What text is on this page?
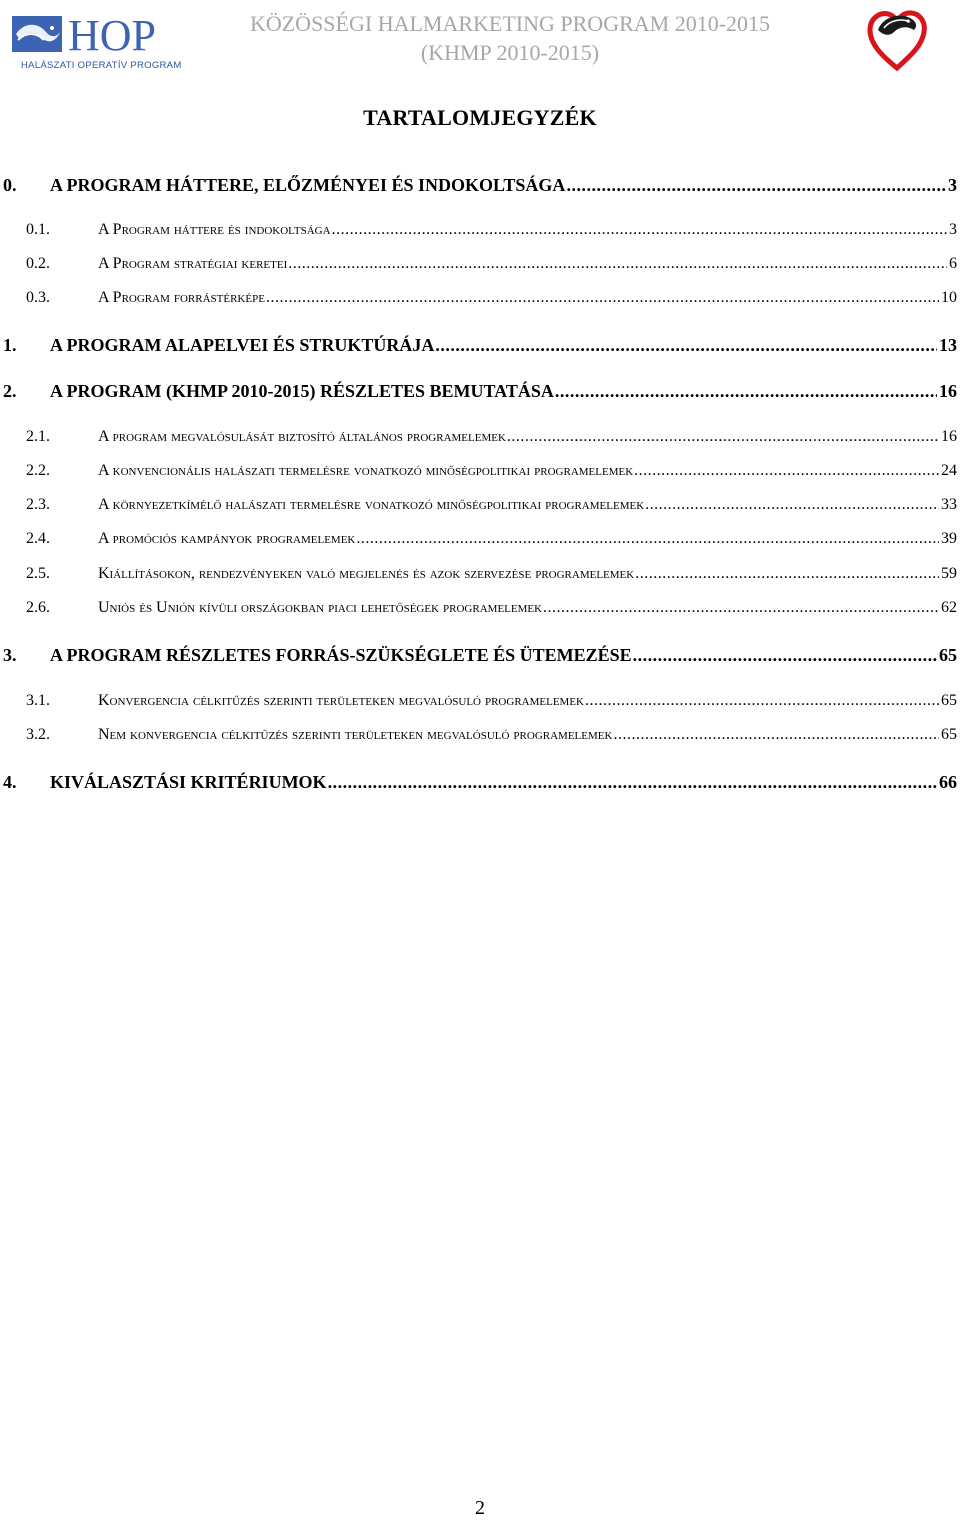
HOP
HALÁSZATI OPERATÍV PROGRAM
KÖZÖSSÉGI HALMARKETING PROGRAM 2010-2015
(KHMP 2010-2015)
TARTALOMJEGYZÉK
0.	A PROGRAM HÁTTERE, ELŐZMÉNYEI ÉS INDOKOLTSÁGA .....	3
0.1.	A Program háttere és indokoltsága .....	3
0.2.	A Program stratégiai keretei .....	6
0.3.	A Program forrástérképe .....	10
1.	A PROGRAM ALAPELVEI ÉS STRUKTÚRÁJA .....	13
2.	A PROGRAM (KHMP 2010-2015) RÉSZLETES BEMUTATÁSA .....	16
2.1.	A program megvalósulását biztosító általános programelemek .....	16
2.2.	A konvencionális halászati termelésre vonatkozó minőségpolitikai programelemek .....	24
2.3.	A környezetkímélő halászati termelésre vonatkozó minőségpolitikai programelemek .....	33
2.4.	A promóciós kampányok programelemek .....	39
2.5.	Kiállításokon, rendezvényeken való megjelenés és azok szervezése programelemek .....	59
2.6.	Uniós és Unión kívüli országokban piaci lehetőségek programelemek .....	62
3.	A PROGRAM RÉSZLETES FORRÁS-SZÜKSÉGLETE ÉS ÜTEMEZÉSE .....	65
3.1.	Konvergencia célkitűzés szerinti területeken megvalósuló programelemek .....	65
3.2.	Nem konvergencia célkitűzés szerinti területeken megvalósuló programelemek .....	65
4.	KIVÁLASZTÁSI KRITÉRIUMOK .....	66
2
